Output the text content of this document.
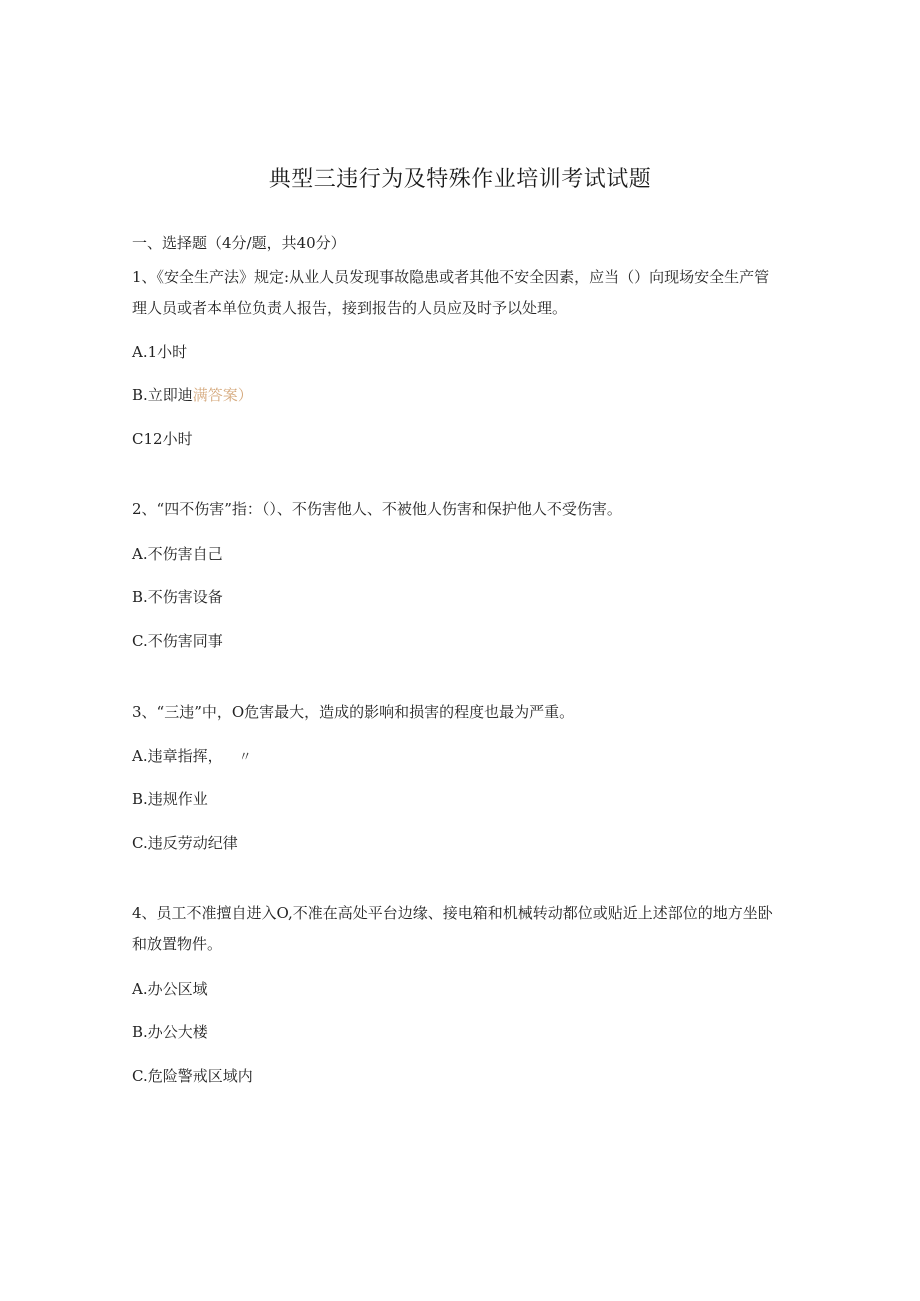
典型三违行为及特殊作业培训考试试题
一、选择题（4分/题，共40分）
1、《安全生产法》规定:从业人员发现事故隐患或者其他不安全因素，应当（）向现场安全生产管理人员或者本单位负责人报告，接到报告的人员应及时予以处理。
A.1小时
B.立即迪满答案）
C12小时
2、“四不伤害”指：（）、不伤害他人、不被他人伤害和保护他人不受伤害。
A.不伤害自己
B.不伤害设备
C.不伤害同事
3、“三违”中，O危害最大，造成的影响和损害的程度也最为严重。
A.违章指挥， 〃
B.违规作业
C.违反劳动纪律
4、员工不准擅自进入O,不准在高处平台边缘、接电箱和机械转动都位或贴近上述部位的地方坐卧和放置物件。
A.办公区域
B.办公大楼
C.危险警戒区域内
